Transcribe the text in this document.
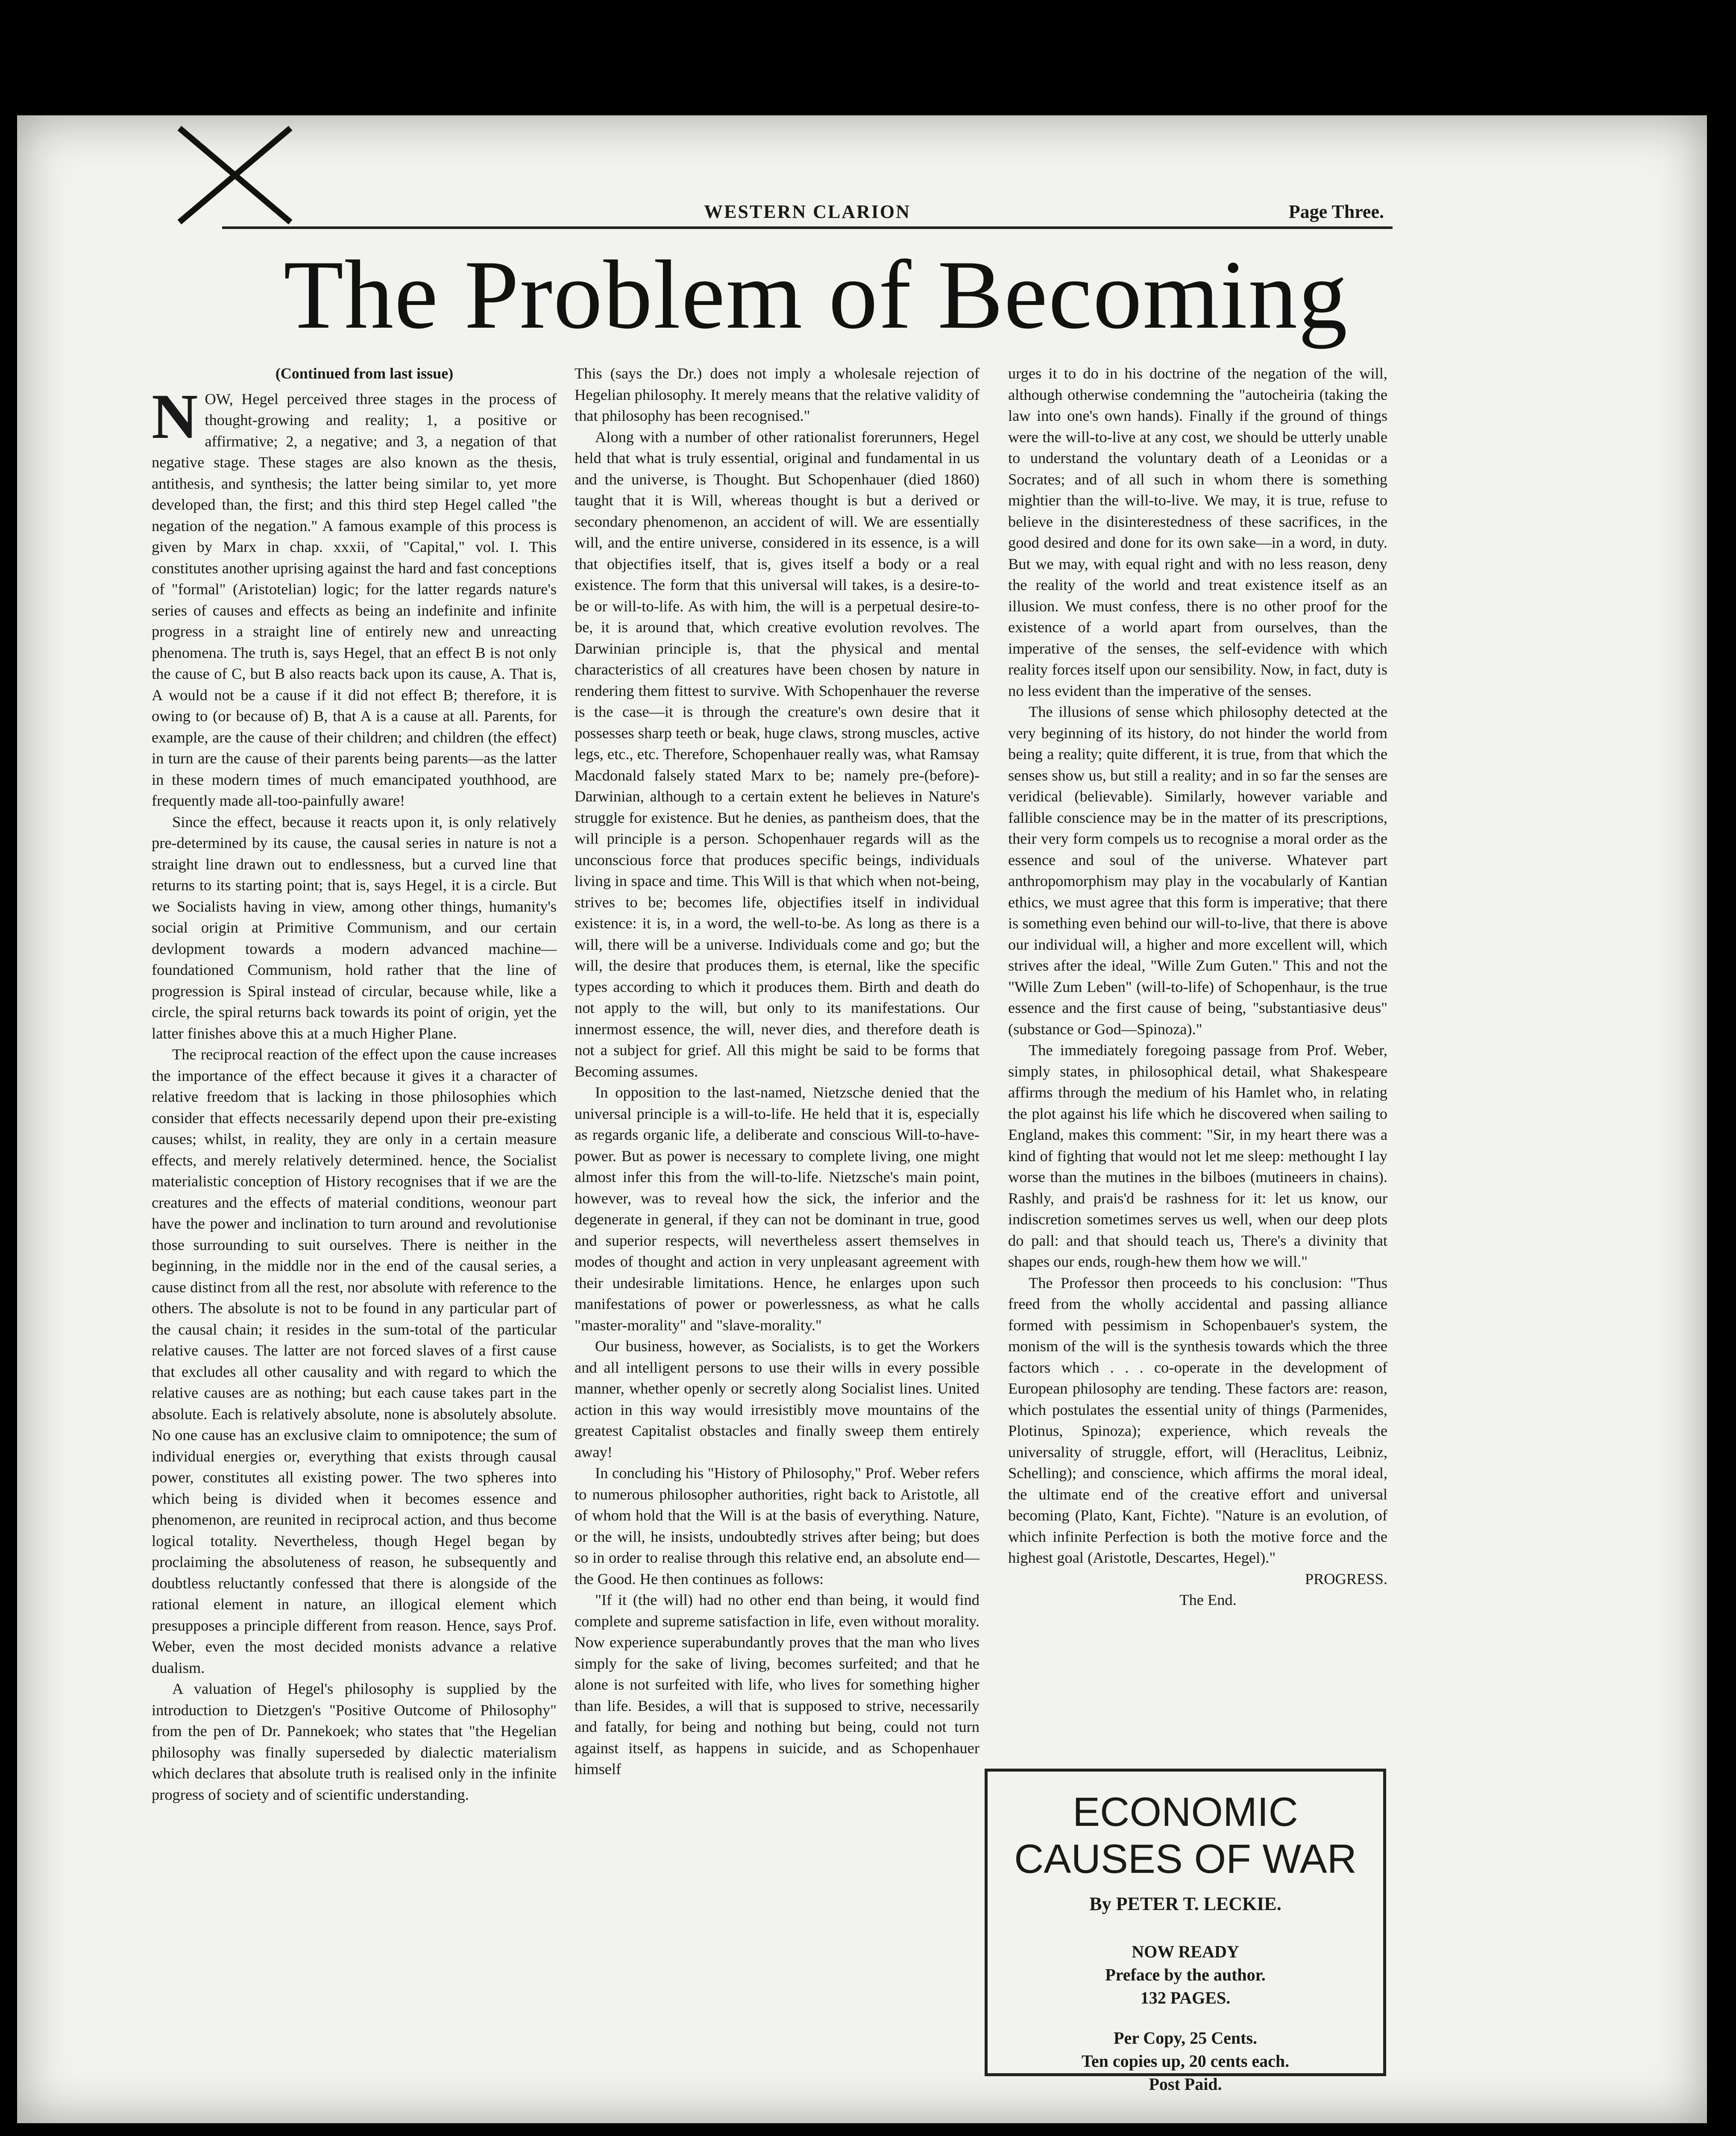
WESTERN CLARION	Page Three.
The Problem of Becoming

(Continued from last issue)

NOW, Hegel perceived three stages in the process of thought-growing and reality; 1, a positive or affirmative; 2, a negative; and 3, a negation of that negative stage. These stages are also known as the thesis, antithesis, and synthesis; the latter being similar to, yet more developed than, the first; and this third step Hegel called "the negation of the negation." A famous example of this process is given by Marx in chap. xxxii, of "Capital," vol. I. This constitutes another uprising against the hard and fast conceptions of "formal" (Aristotelian) logic; for the latter regards nature's series of causes and effects as being an indefinite and infinite progress in a straight line of entirely new and unreacting phenomena. The truth is, says Hegel, that an effect B is not only the cause of C, but B also reacts back upon its cause, A. That is, A would not be a cause if it did not effect B; therefore, it is owing to (or because of) B, that A is a cause at all. Parents, for example, are the cause of their children; and children (the effect) in turn are the cause of their parents being parents—as the latter in these modern times of much emancipated youthhood, are frequently made all-too-painfully aware!

Since the effect, because it reacts upon it, is only relatively pre-determined by its cause, the causal series in nature is not a straight line drawn out to endlessness, but a curved line that returns to its starting point; that is, says Hegel, it is a circle. But we Socialists having in view, among other things, humanity's social origin at Primitive Communism, and our certain devlopment towards a modern advanced machine—foundationed Communism, hold rather that the line of progression is Spiral instead of circular, because while, like a circle, the spiral returns back towards its point of origin, yet the latter finishes above this at a much Higher Plane.

The reciprocal reaction of the effect upon the cause increases the importance of the effect because it gives it a character of relative freedom that is lacking in those philosophies which consider that effects necessarily depend upon their pre-existing causes; whilst, in reality, they are only in a certain measure effects, and merely relatively determined. hence, the Socialist materialistic conception of History recognises that if we are the creatures and the effects of material conditions, weonour part have the power and inclination to turn around and revolutionise those surrounding to suit ourselves. There is neither in the beginning, in the middle nor in the end of the causal series, a cause distinct from all the rest, nor absolute with reference to the others. The absolute is not to be found in any particular part of the causal chain; it resides in the sum-total of the particular relative causes. The latter are not forced slaves of a first cause that excludes all other causality and with regard to which the relative causes are as nothing; but each cause takes part in the absolute. Each is relatively absolute, none is absolutely absolute. No one cause has an exclusive claim to omnipotence; the sum of individual energies or, everything that exists through causal power, constitutes all existing power. The two spheres into which being is divided when it becomes essence and phenomenon, are reunited in reciprocal action, and thus become logical totality. Nevertheless, though Hegel began by proclaiming the absoluteness of reason, he subsequently and doubtless reluctantly confessed that there is alongside of the rational element in nature, an illogical element which presupposes a principle different from reason. Hence, says Prof. Weber, even the most decided monists advance a relative dualism.

A valuation of Hegel's philosophy is supplied by the introduction to Dietzgen's "Positive Outcome of Philosophy" from the pen of Dr. Pannekoek; who states that "the Hegelian philosophy was finally superseded by dialectic materialism which declares that absolute truth is realised only in the infinite progress of society and of scientific understanding.

This (says the Dr.) does not imply a wholesale rejection of Hegelian philosophy. It merely means that the relative validity of that philosophy has been recognised."

Along with a number of other rationalist forerunners, Hegel held that what is truly essential, original and fundamental in us and the universe, is Thought. But Schopenhauer (died 1860) taught that it is Will, whereas thought is but a derived or secondary phenomenon, an accident of will. We are essentially will, and the entire universe, considered in its essence, is a will that objectifies itself, that is, gives itself a body or a real existence. The form that this universal will takes, is a desire-to-be or will-to-life. As with him, the will is a perpetual desire-to-be, it is around that, which creative evolution revolves. The Darwinian principle is, that the physical and mental characteristics of all creatures have been chosen by nature in rendering them fittest to survive. With Schopenhauer the reverse is the case—it is through the creature's own desire that it possesses sharp teeth or beak, huge claws, strong muscles, active legs, etc., etc. Therefore, Schopenhauer really was, what Ramsay Macdonald falsely stated Marx to be; namely pre-(before)-Darwinian, although to a certain extent he believes in Nature's struggle for existence. But he denies, as pantheism does, that the will principle is a person. Schopenhauer regards will as the unconscious force that produces specific beings, individuals living in space and time. This Will is that which when not-being, strives to be; becomes life, objectifies itself in individual existence: it is, in a word, the well-to-be. As long as there is a will, there will be a universe. Individuals come and go; but the will, the desire that produces them, is eternal, like the specific types according to which it produces them. Birth and death do not apply to the will, but only to its manifestations. Our innermost essence, the will, never dies, and therefore death is not a subject for grief. All this might be said to be forms that Becoming assumes.

In opposition to the last-named, Nietzsche denied that the universal principle is a will-to-life. He held that it is, especially as regards organic life, a deliberate and conscious Will-to-have-power. But as power is necessary to complete living, one might almost infer this from the will-to-life. Nietzsche's main point, however, was to reveal how the sick, the inferior and the degenerate in general, if they can not be dominant in true, good and superior respects, will nevertheless assert themselves in modes of thought and action in very unpleasant agreement with their undesirable limitations. Hence, he enlarges upon such manifestations of power or powerlessness, as what he calls "master-morality" and "slave-morality."

Our business, however, as Socialists, is to get the Workers and all intelligent persons to use their wills in every possible manner, whether openly or secretly along Socialist lines. United action in this way would irresistibly move mountains of the greatest Capitalist obstacles and finally sweep them entirely away!

In concluding his "History of Philosophy," Prof. Weber refers to numerous philosopher authorities, right back to Aristotle, all of whom hold that the Will is at the basis of everything. Nature, or the will, he insists, undoubtedly strives after being; but does so in order to realise through this relative end, an absolute end—the Good. He then continues as follows:

"If it (the will) had no other end than being, it would find complete and supreme satisfaction in life, even without morality. Now experience superabundantly proves that the man who lives simply for the sake of living, becomes surfeited; and that he alone is not surfeited with life, who lives for something higher than life. Besides, a will that is supposed to strive, necessarily and fatally, for being and nothing but being, could not turn against itself, as happens in suicide, and as Schopenhauer himself

urges it to do in his doctrine of the negation of the will, although otherwise condemning the "autocheiria (taking the law into one's own hands). Finally if the ground of things were the will-to-live at any cost, we should be utterly unable to understand the voluntary death of a Leonidas or a Socrates; and of all such in whom there is something mightier than the will-to-live. We may, it is true, refuse to believe in the disinterestedness of these sacrifices, in the good desired and done for its own sake—in a word, in duty. But we may, with equal right and with no less reason, deny the reality of the world and treat existence itself as an illusion. We must confess, there is no other proof for the existence of a world apart from ourselves, than the imperative of the senses, the self-evidence with which reality forces itself upon our sensibility. Now, in fact, duty is no less evident than the imperative of the senses.

The illusions of sense which philosophy detected at the very beginning of its history, do not hinder the world from being a reality; quite different, it is true, from that which the senses show us, but still a reality; and in so far the senses are veridical (believable). Similarly, however variable and fallible conscience may be in the matter of its prescriptions, their very form compels us to recognise a moral order as the essence and soul of the universe. Whatever part anthropomorphism may play in the vocabularly of Kantian ethics, we must agree that this form is imperative; that there is something even behind our will-to-live, that there is above our individual will, a higher and more excellent will, which strives after the ideal, "Wille Zum Guten." This and not the "Wille Zum Leben" (will-to-life) of Schopenhaur, is the true essence and the first cause of being, "substantiasive deus" (substance or God—Spinoza)."

The immediately foregoing passage from Prof. Weber, simply states, in philosophical detail, what Shakespeare affirms through the medium of his Hamlet who, in relating the plot against his life which he discovered when sailing to England, makes this comment: "Sir, in my heart there was a kind of fighting that would not let me sleep: methought I lay worse than the mutines in the bilboes (mutineers in chains). Rashly, and prais'd be rashness for it: let us know, our indiscretion sometimes serves us well, when our deep plots do pall: and that should teach us, There's a divinity that shapes our ends, rough-hew them how we will."

The Professor then proceeds to his conclusion: "Thus freed from the wholly accidental and passing alliance formed with pessimism in Schopenbauer's system, the monism of the will is the synthesis towards which the three factors which . . . co-operate in the development of European philosophy are tending. These factors are: reason, which postulates the essential unity of things (Parmenides, Plotinus, Spinoza); experience, which reveals the universality of struggle, effort, will (Heraclitus, Leibniz, Schelling); and conscience, which affirms the moral ideal, the ultimate end of the creative effort and universal becoming (Plato, Kant, Fichte). "Nature is an evolution, of which infinite Perfection is both the motive force and the highest goal (Aristotle, Descartes, Hegel)."

PROGRESS.

The End.

ECONOMIC CAUSES OF WAR

By PETER T. LECKIE.

NOW READY

Preface by the author.

132 PAGES.

Per Copy, 25 Cents.

Ten copies up, 20 cents each.

Post Paid.
